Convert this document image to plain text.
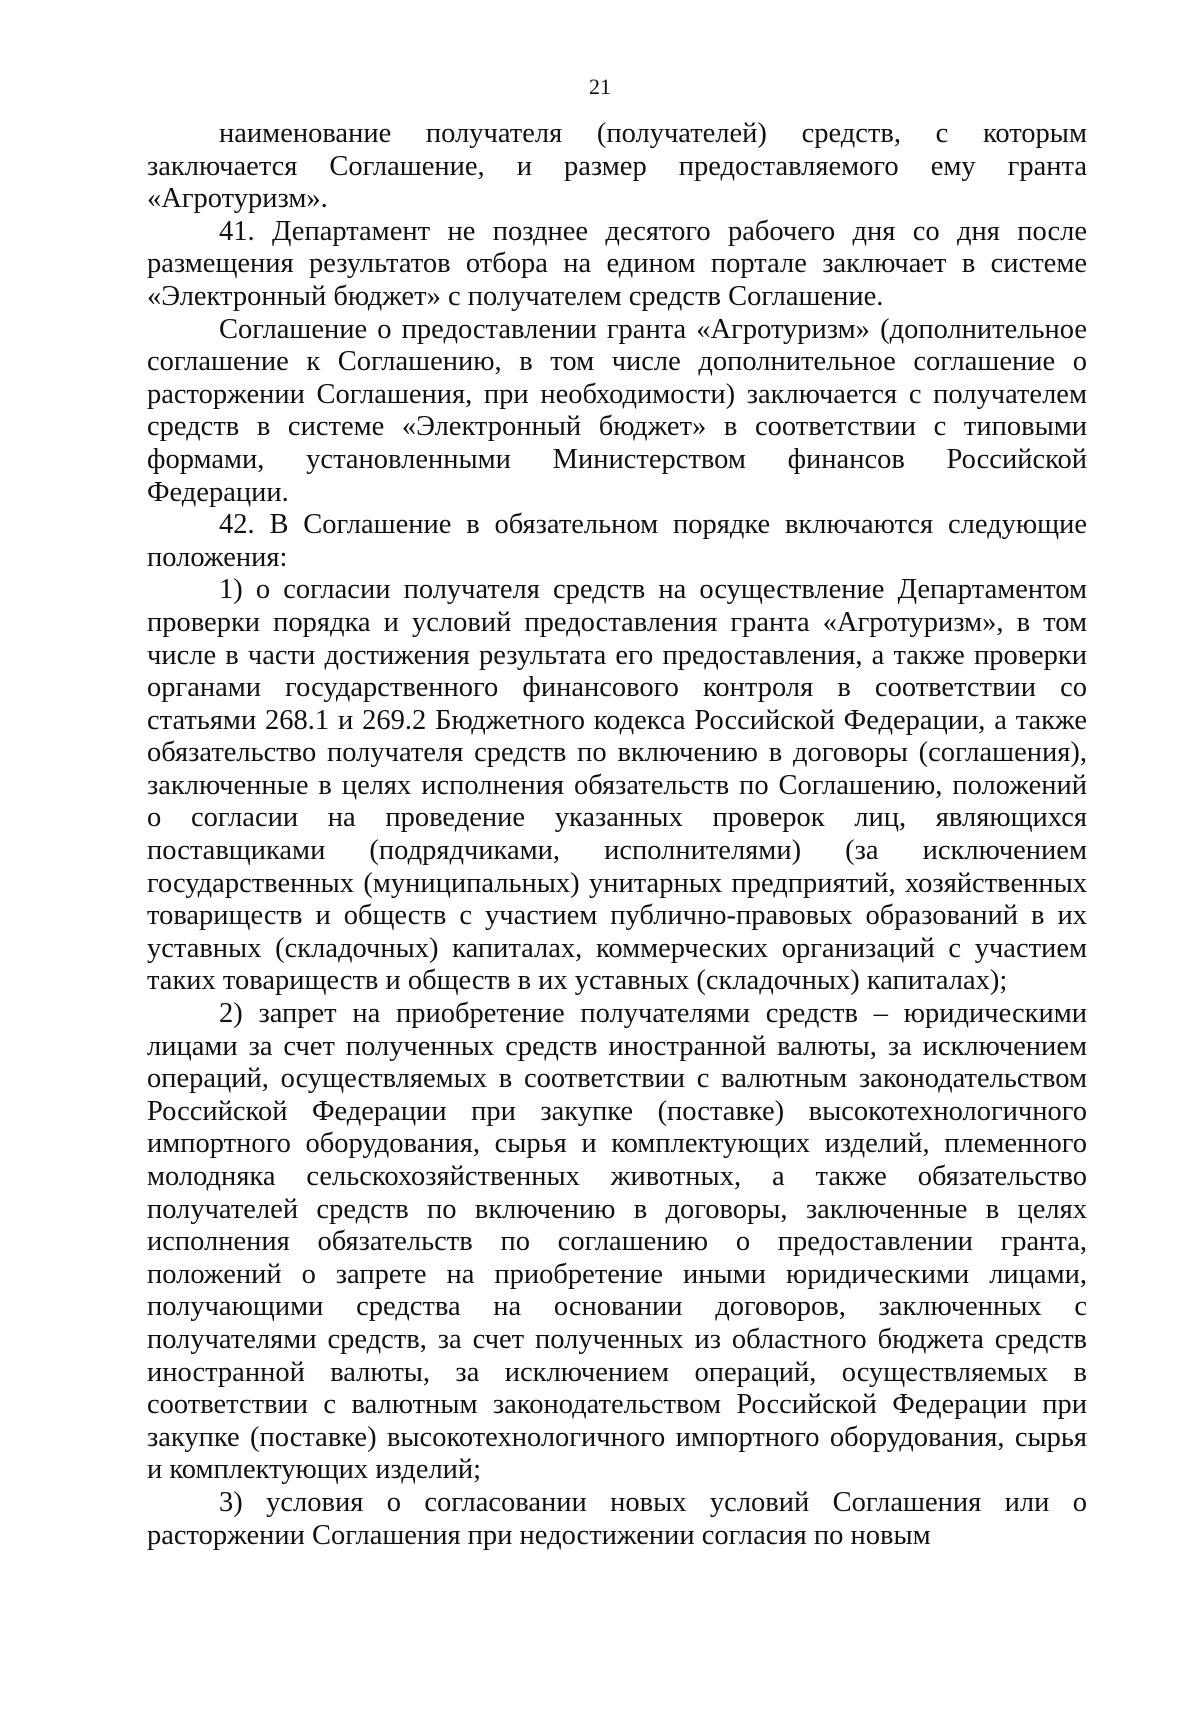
21

наименование получателя (получателей) средств, с которым заключается Соглашение, и размер предоставляемого ему гранта «Агротуризм».

41. Департамент не позднее десятого рабочего дня со дня после размещения результатов отбора на едином портале заключает в системе «Электронный бюджет» с получателем средств Соглашение.

Соглашение о предоставлении гранта «Агротуризм» (дополнительное соглашение к Соглашению, в том числе дополнительное соглашение о расторжении Соглашения, при необходимости) заключается с получателем средств в системе «Электронный бюджет» в соответствии с типовыми формами, установленными Министерством финансов Российской Федерации.

42. В Соглашение в обязательном порядке включаются следующие положения:

1) о согласии получателя средств на осуществление Департаментом проверки порядка и условий предоставления гранта «Агротуризм», в том числе в части достижения результата его предоставления, а также проверки органами государственного финансового контроля в соответствии со статьями 268.1 и 269.2 Бюджетного кодекса Российской Федерации, а также обязательство получателя средств по включению в договоры (соглашения), заключенные в целях исполнения обязательств по Соглашению, положений о согласии на проведение указанных проверок лиц, являющихся поставщиками (подрядчиками, исполнителями) (за исключением государственных (муниципальных) унитарных предприятий, хозяйственных товариществ и обществ с участием публично-правовых образований в их уставных (складочных) капиталах, коммерческих организаций с участием таких товариществ и обществ в их уставных (складочных) капиталах);

2) запрет на приобретение получателями средств – юридическими лицами за счет полученных средств иностранной валюты, за исключением операций, осуществляемых в соответствии с валютным законодательством Российской Федерации при закупке (поставке) высокотехнологичного импортного оборудования, сырья и комплектующих изделий, племенного молодняка сельскохозяйственных животных, а также обязательство получателей средств по включению в договоры, заключенные в целях исполнения обязательств по соглашению о предоставлении гранта, положений о запрете на приобретение иными юридическими лицами, получающими средства на основании договоров, заключенных с получателями средств, за счет полученных из областного бюджета средств иностранной валюты, за исключением операций, осуществляемых в соответствии с валютным законодательством Российской Федерации при закупке (поставке) высокотехнологичного импортного оборудования, сырья и комплектующих изделий;

3) условия о согласовании новых условий Соглашения или о расторжении Соглашения при недостижении согласия по новым
